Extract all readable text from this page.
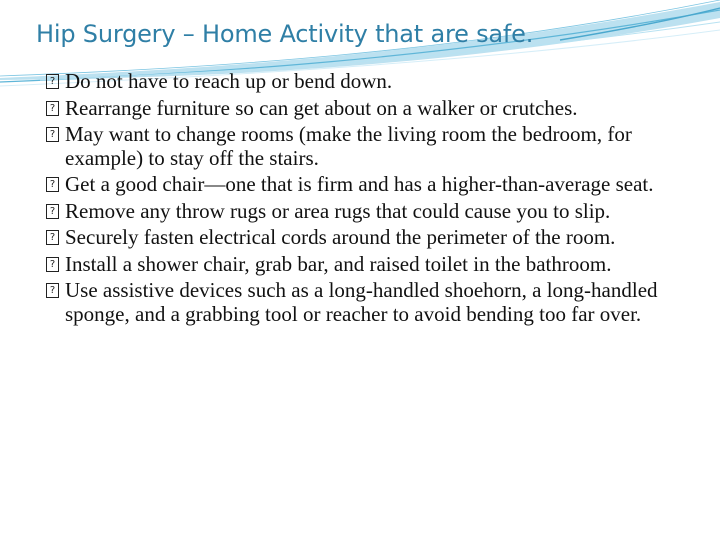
Hip Surgery – Home Activity that are safe.
? Do not have to reach up or bend down.
? Rearrange furniture so can get about on a walker or crutches.
? May want to change rooms (make the living room the bedroom, for example) to stay off the stairs.
? Get a good chair—one that is firm and has a higher-than-average seat.
? Remove any throw rugs or area rugs that could cause you to slip.
? Securely fasten electrical cords around the perimeter of the room.
? Install a shower chair, grab bar, and raised toilet in the bathroom.
? Use assistive devices such as a long-handled shoehorn, a long-handled sponge, and a grabbing tool or reacher to avoid bending too far over.
